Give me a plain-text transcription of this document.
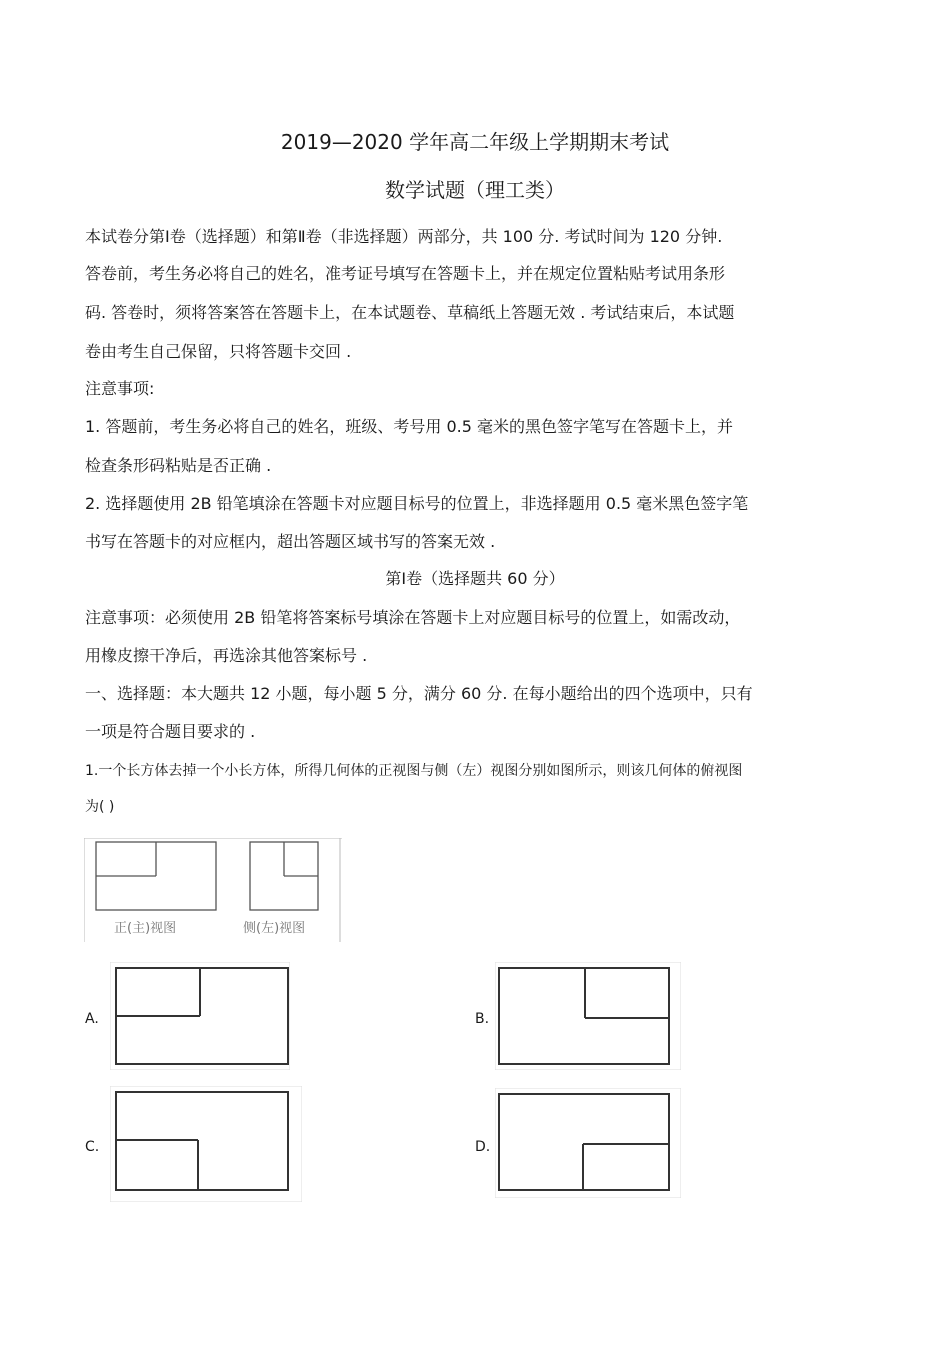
2019—2020 学年高二年级上学期期末考试
数学试题（理工类）
本试卷分第Ⅰ卷（选择题）和第Ⅱ卷（非选择题）两部分，共 100 分. 考试时间为 120 分钟.
答卷前，考生务必将自己的姓名，准考证号填写在答题卡上，并在规定位置粘贴考试用条形
码. 答卷时，须将答案答在答题卡上，在本试题卷、草稿纸上答题无效 . 考试结束后，本试题
卷由考生自己保留，只将答题卡交回 .
注意事项:
1. 答题前，考生务必将自己的姓名，班级、考号用 0.5 毫米的黑色签字笔写在答题卡上，并
检查条形码粘贴是否正确 .
2. 选择题使用 2B 铅笔填涂在答题卡对应题目标号的位置上，非选择题用 0.5 毫米黑色签字笔
书写在答题卡的对应框内，超出答题区域书写的答案无效 .
第Ⅰ卷（选择题共 60 分）
注意事项：必须使用 2B 铅笔将答案标号填涂在答题卡上对应题目标号的位置上，如需改动，
用橡皮擦干净后，再选涂其他答案标号 .
一、选择题：本大题共 12 小题，每小题 5 分，满分 60 分. 在每小题给出的四个选项中，只有
一项是符合题目要求的 .
1.一个长方体去掉一个小长方体，所得几何体的正视图与侧（左）视图分别如图所示，则该几何体的俯视图
为( )
正(主)视图	侧(左)视图
A.	B.
C.	D.
